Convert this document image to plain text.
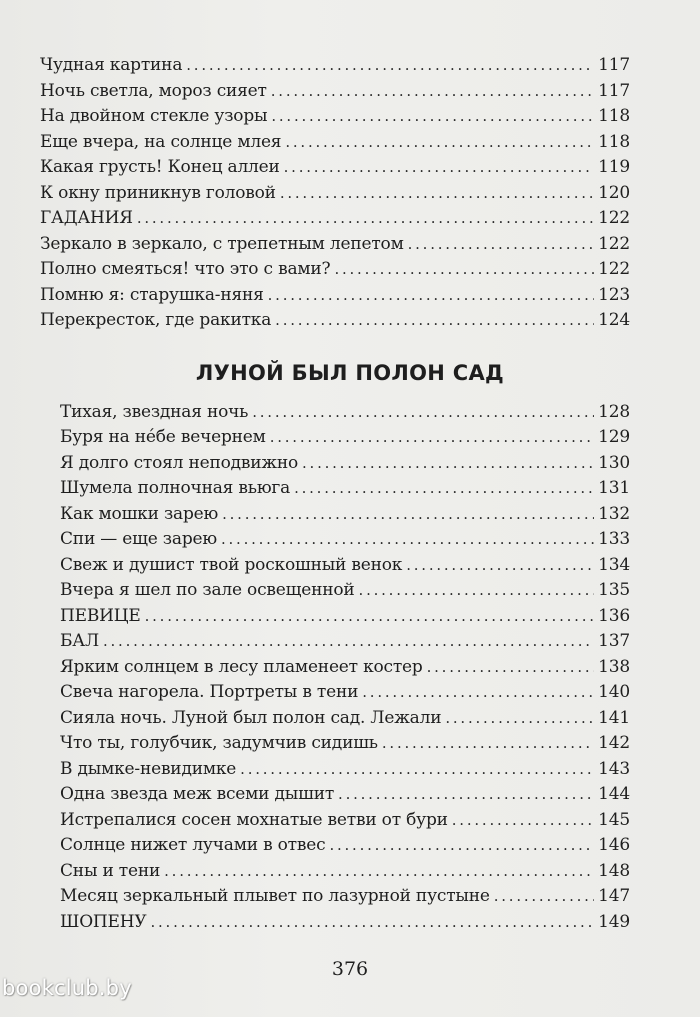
Чудная картина . . .	117
Ночь светла, мороз сияет . . .	117
На двойном стекле узоры . . .	118
Еще вчера, на солнце млея . . .	118
Какая грусть! Конец аллеи . . .	119
К окну приникнув головой . . .	120
ГАДАНИЯ . . .	122
Зеркало в зеркало, с трепетным лепетом . . .	122
Полно смеяться! что это с вами? . . .	122
Помню я: старушка-няня . . .	123
Перекресток, где ракитка . . .	124
ЛУНОЙ БЫЛ ПОЛОН САД
Тихая, звездная ночь . . .	128
Буря на нéбе вечернем . . .	129
Я долго стоял неподвижно . . .	130
Шумела полночная вьюга . . .	131
Как мошки зарею . . .	132
Спи — еще зарею . . .	133
Свеж и душист твой роскошный венок . . .	134
Вчера я шел по зале освещенной . . .	135
ПЕВИЦЕ . . .	136
БАЛ . . .	137
Ярким солнцем в лесу пламенеет костер . . .	138
Свеча нагорела. Портреты в тени . . .	140
Сияла ночь. Луной был полон сад. Лежали . . .	141
Что ты, голубчик, задумчив сидишь . . .	142
В дымке-невидимке . . .	143
Одна звезда меж всеми дышит . . .	144
Истрепалися сосен мохнатые ветви от бури . . .	145
Солнце нижет лучами в отвес . . .	146
Сны и тени . . .	148
Месяц зеркальный плывет по лазурной пустыне . . .	147
ШОПЕНУ . . .	149
376
bookclub.by
